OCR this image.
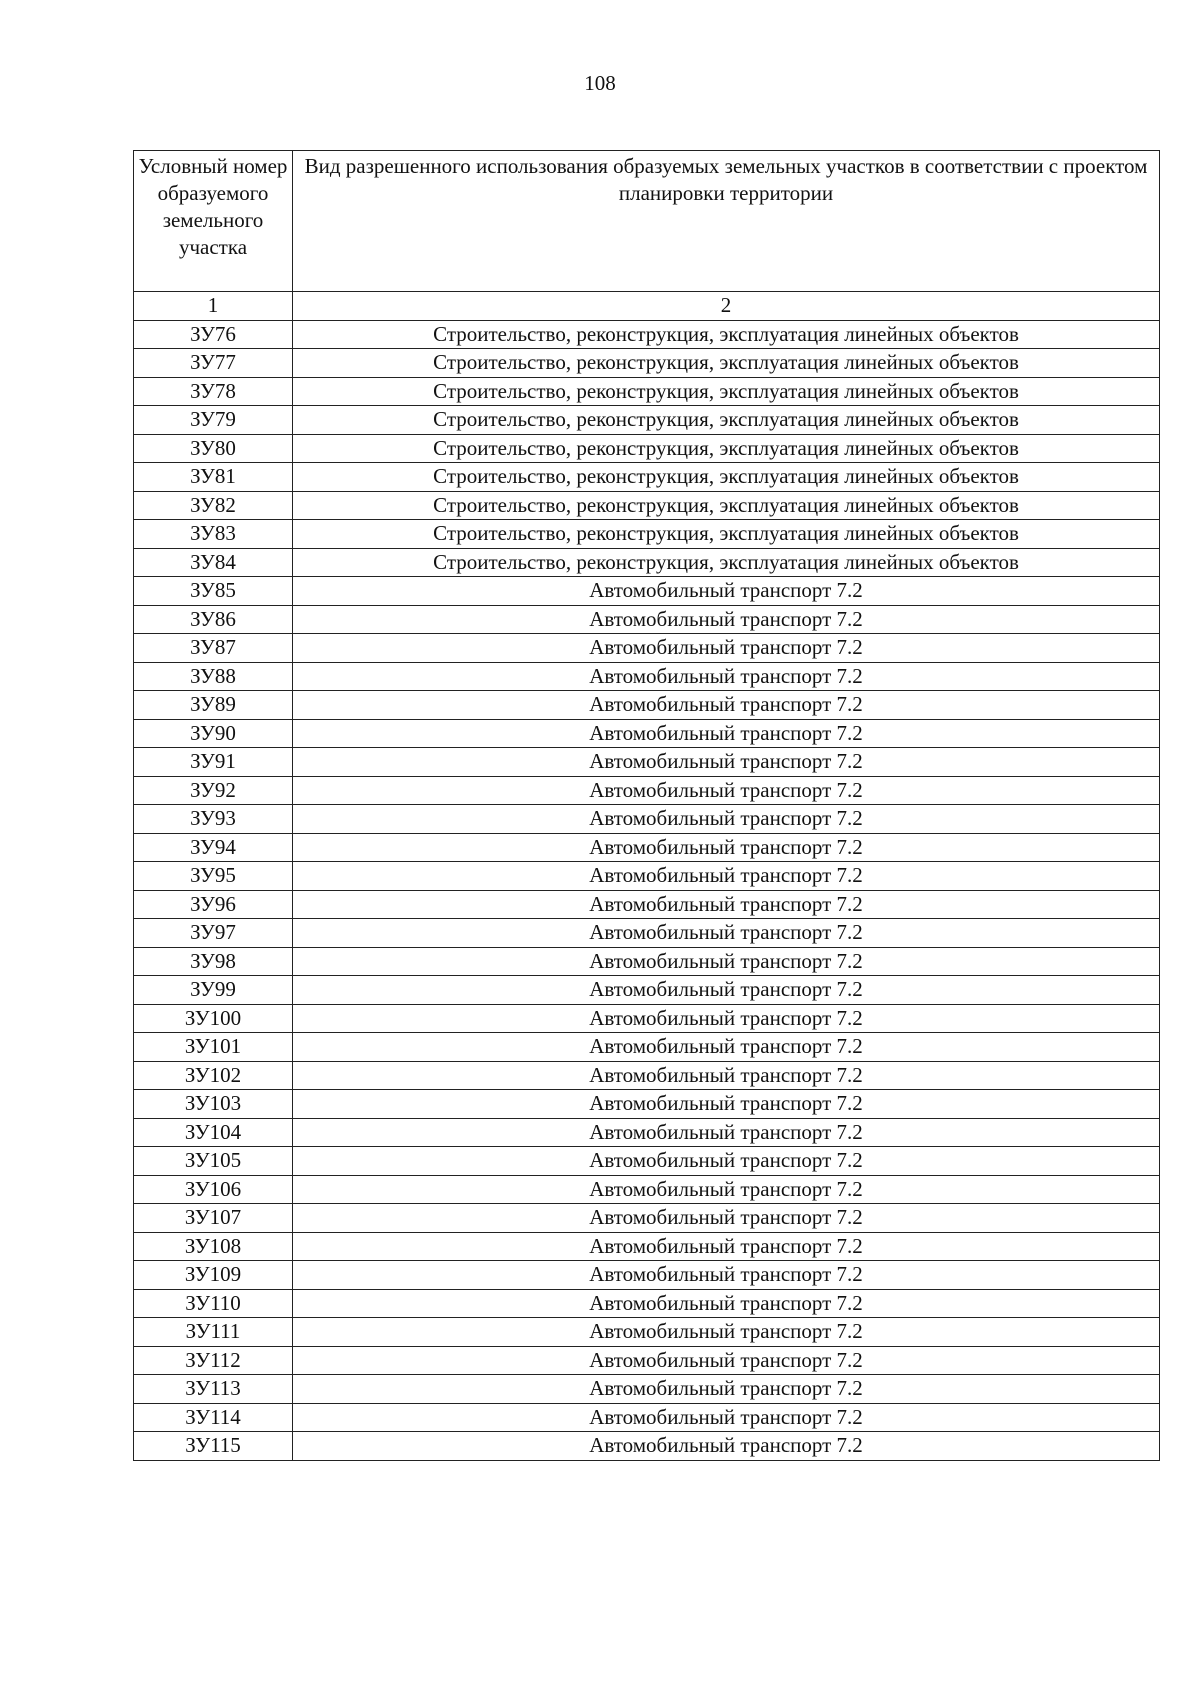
108
Условный номер образуемого земельного участка	Вид разрешенного использования образуемых земельных участков в соответствии с проектом планировки территории
1	2
ЗУ76	Строительство, реконструкция, эксплуатация линейных объектов
ЗУ77	Строительство, реконструкция, эксплуатация линейных объектов
ЗУ78	Строительство, реконструкция, эксплуатация линейных объектов
ЗУ79	Строительство, реконструкция, эксплуатация линейных объектов
ЗУ80	Строительство, реконструкция, эксплуатация линейных объектов
ЗУ81	Строительство, реконструкция, эксплуатация линейных объектов
ЗУ82	Строительство, реконструкция, эксплуатация линейных объектов
ЗУ83	Строительство, реконструкция, эксплуатация линейных объектов
ЗУ84	Строительство, реконструкция, эксплуатация линейных объектов
ЗУ85	Автомобильный транспорт 7.2
ЗУ86	Автомобильный транспорт 7.2
ЗУ87	Автомобильный транспорт 7.2
ЗУ88	Автомобильный транспорт 7.2
ЗУ89	Автомобильный транспорт 7.2
ЗУ90	Автомобильный транспорт 7.2
ЗУ91	Автомобильный транспорт 7.2
ЗУ92	Автомобильный транспорт 7.2
ЗУ93	Автомобильный транспорт 7.2
ЗУ94	Автомобильный транспорт 7.2
ЗУ95	Автомобильный транспорт 7.2
ЗУ96	Автомобильный транспорт 7.2
ЗУ97	Автомобильный транспорт 7.2
ЗУ98	Автомобильный транспорт 7.2
ЗУ99	Автомобильный транспорт 7.2
ЗУ100	Автомобильный транспорт 7.2
ЗУ101	Автомобильный транспорт 7.2
ЗУ102	Автомобильный транспорт 7.2
ЗУ103	Автомобильный транспорт 7.2
ЗУ104	Автомобильный транспорт 7.2
ЗУ105	Автомобильный транспорт 7.2
ЗУ106	Автомобильный транспорт 7.2
ЗУ107	Автомобильный транспорт 7.2
ЗУ108	Автомобильный транспорт 7.2
ЗУ109	Автомобильный транспорт 7.2
ЗУ110	Автомобильный транспорт 7.2
ЗУ111	Автомобильный транспорт 7.2
ЗУ112	Автомобильный транспорт 7.2
ЗУ113	Автомобильный транспорт 7.2
ЗУ114	Автомобильный транспорт 7.2
ЗУ115	Автомобильный транспорт 7.2
